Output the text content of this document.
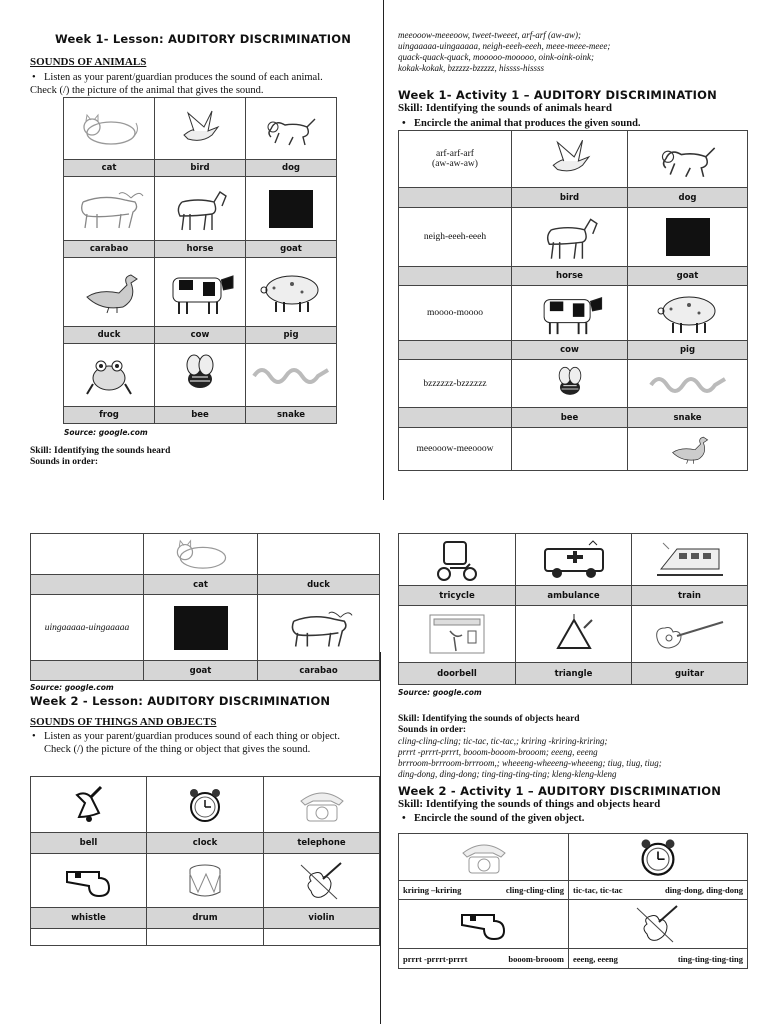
Week 1- Lesson: AUDITORY DISCRIMINATION
SOUNDS OF ANIMALS
• Listen as your parent/guardian produces the sound of each animal.
Check (/) the picture of the animal that gives the sound.

cat	bird	dog

carabao	horse	goat

duck	cow	pig

frog	bee	snake
Source: google.com
Skill: Identifying the sounds heard
Sounds in order:
meeooow-meeeoow, tweet-tweeet, arf-arf (aw-aw);
uingaaaaa-uingaaaaa, neigh-eeeh-eeeh, meee-meee-meee;
quack-quack-quack, mooooo-mooooo, oink-oink-oink;
kokak-kokak, bzzzzz-bzzzzz, hissss-hissss
Week 1- Activity 1 – AUDITORY DISCRIMINATION
Skill: Identifying the sounds of animals heard
• Encircle the animal that produces the given sound.
arf-arf-arf
(aw-aw-aw)

	bird	dog

neigh-eeeh-eeeh

	horse	goat

moooo-moooo

	cow	pig

bzzzzzz-bzzzzzz

	bee	snake

meeooow-meeooow

	cat	duck

uingaaaaa-uingaaaaa

	goat	carabao
Source: google.com
Week 2 - Lesson: AUDITORY DISCRIMINATION
SOUNDS OF THINGS AND OBJECTS
• Listen as your parent/guardian produces sound of each thing or object. Check (/) the picture of the thing or object that gives the sound.

bell	clock	telephone

whistle	drum	violin

tricycle	ambulance	train

doorbell	triangle	guitar
Source: google.com
Skill: Identifying the sounds of objects heard
Sounds in order:
cling-cling-cling; tic-tac, tic-tac,; kriring -kriring-kriring;
prrrt -prrrt-prrrt, booom-booom-brooom; eeeng, eeeng
brrroom-brrroom-brrroom,; wheeeng-wheeeng-wheeeng; tiug, tiug, tiug;
ding-dong, ding-dong; ting-ting-ting-ting; kleng-kleng-kleng
Week 2 - Activity 1 – AUDITORY DISCRIMINATION
Skill: Identifying the sounds of things and objects heard
• Encircle the sound of the given object.

kriring –kriring cling-cling-cling	tic-tac, tic-tac ding-dong, ding-dong

prrrt -prrrt-prrrt booom-brooom	eeeng, eeeng ting-ting-ting-ting
